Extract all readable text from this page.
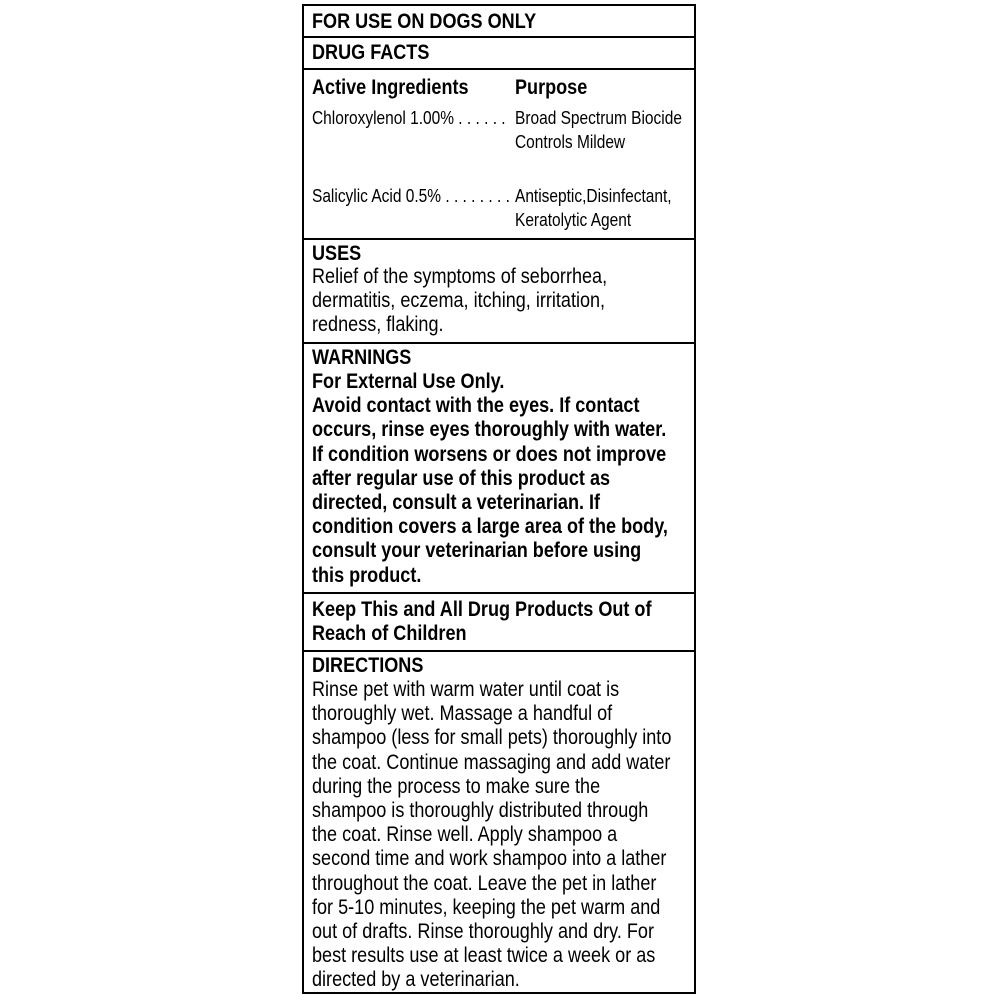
FOR USE ON DOGS ONLY

DRUG FACTS

Active Ingredients Purpose

Chloroxylenol 1.00% . . . . . . Broad Spectrum Biocide
Controls Mildew

Salicylic Acid 0.5% . . . . . . . . Antiseptic,Disinfectant,
Keratolytic Agent

USES

Relief of the symptoms of seborrhea,
dermatitis, eczema, itching, irritation,
redness, flaking.

WARNINGS

For External Use Only.
Avoid contact with the eyes. If contact
occurs, rinse eyes thoroughly with water.
If condition worsens or does not improve
after regular use of this product as
directed, consult a veterinarian. If
condition covers a large area of the body,
consult your veterinarian before using
this product.

Keep This and All Drug Products Out of
Reach of Children

DIRECTIONS

Rinse pet with warm water until coat is
thoroughly wet. Massage a handful of
shampoo (less for small pets) thoroughly into
the coat. Continue massaging and add water
during the process to make sure the
shampoo is thoroughly distributed through
the coat. Rinse well. Apply shampoo a
second time and work shampoo into a lather
throughout the coat. Leave the pet in lather
for 5-10 minutes, keeping the pet warm and
out of drafts. Rinse thoroughly and dry. For
best results use at least twice a week or as
directed by a veterinarian.
